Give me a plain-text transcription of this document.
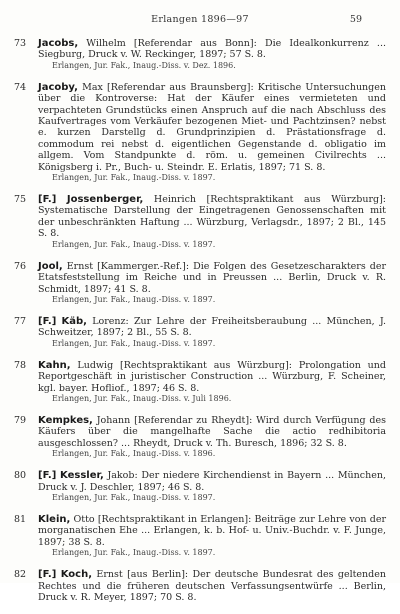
Erlangen 1896—97	59
73	Jacobs, Wilhelm [Referendar aus Bonn]: Die Idealkonkurrenz ... Siegburg, Druck v. W. Reckinger, 1897; 57 S. 8.
Erlangen, Jur. Fak., Inaug.-Diss. v. Dez. 1896.
74	Jacoby, Max [Referendar aus Braunsberg]: Kritische Untersuchungen über die Kontroverse: Hat der Käufer eines vermieteten und verpachteten Grundstücks einen Anspruch auf die nach Abschluss des Kaufvertrages vom Verkäufer bezogenen Miet- und Pachtzinsen? nebst e. kurzen Darstellg d. Grundprinzipien d. Prästationsfrage d. commodum rei nebst d. eigentlichen Gegenstande d. obligatio im allgem. Vom Standpunkte d. röm. u. gemeinen Civilrechts ... Königsberg i. Pr., Buch- u. Steindr. E. Erlatis, 1897; 71 S. 8.
Erlangen, Jur. Fak., Inaug.-Diss. v. 1897.
75	[F.] Jossenberger, Heinrich [Rechtspraktikant aus Würzburg]: Systematische Darstellung der Eingetragenen Genossenschaften mit der unbeschränkten Haftung ... Würzburg, Verlagsdr., 1897; 2 Bl., 145 S. 8.
Erlangen, Jur. Fak., Inaug.-Diss. v. 1897.
76	Jool, Ernst [Kammerger.-Ref.]: Die Folgen des Gesetzescharakters der Etatsfeststellung im Reiche und in Preussen ... Berlin, Druck v. R. Schmidt, 1897; 41 S. 8.
Erlangen, Jur. Fak., Inaug.-Diss. v. 1897.
77	[F.] Käb, Lorenz: Zur Lehre der Freiheitsberaubung ... München, J. Schweitzer, 1897; 2 Bl., 55 S. 8.
Erlangen, Jur. Fak., Inaug.-Diss. v. 1897.
78	Kahn, Ludwig [Rechtspraktikant aus Würzburg]: Prolongation und Reportgeschäft in juristischer Construction ... Würzburg, F. Scheiner, kgl. bayer. Hofliof., 1897; 46 S. 8.
Erlangen, Jur. Fak., Inaug.-Diss. v. Juli 1896.
79	Kempkes, Johann [Referendar zu Rheydt]: Wird durch Verfügung des Käufers über die mangelhafte Sache die actio redhibitoria ausgeschlossen? ... Rheydt, Druck v. Th. Buresch, 1896; 32 S. 8.
Erlangen, Jur. Fak., Inaug.-Diss. v. 1896.
80	[F.] Kessler, Jakob: Der niedere Kirchendienst in Bayern ... München, Druck v. J. Deschler, 1897; 46 S. 8.
Erlangen, Jur. Fak., Inaug.-Diss. v. 1897.
81	Klein, Otto [Rechtspraktikant in Erlangen]: Beiträge zur Lehre von der morganatischen Ehe ... Erlangen, k. b. Hof- u. Univ.-Buchdr. v. F. Junge, 1897; 38 S. 8.
Erlangen, Jur. Fak., Inaug.-Diss. v. 1897.
82	[F.] Koch, Ernst [aus Berlin]: Der deutsche Bundesrat des geltenden Rechtes und die früheren deutschen Verfassungsentwürfe ... Berlin, Druck v. R. Meyer, 1897; 70 S. 8.
